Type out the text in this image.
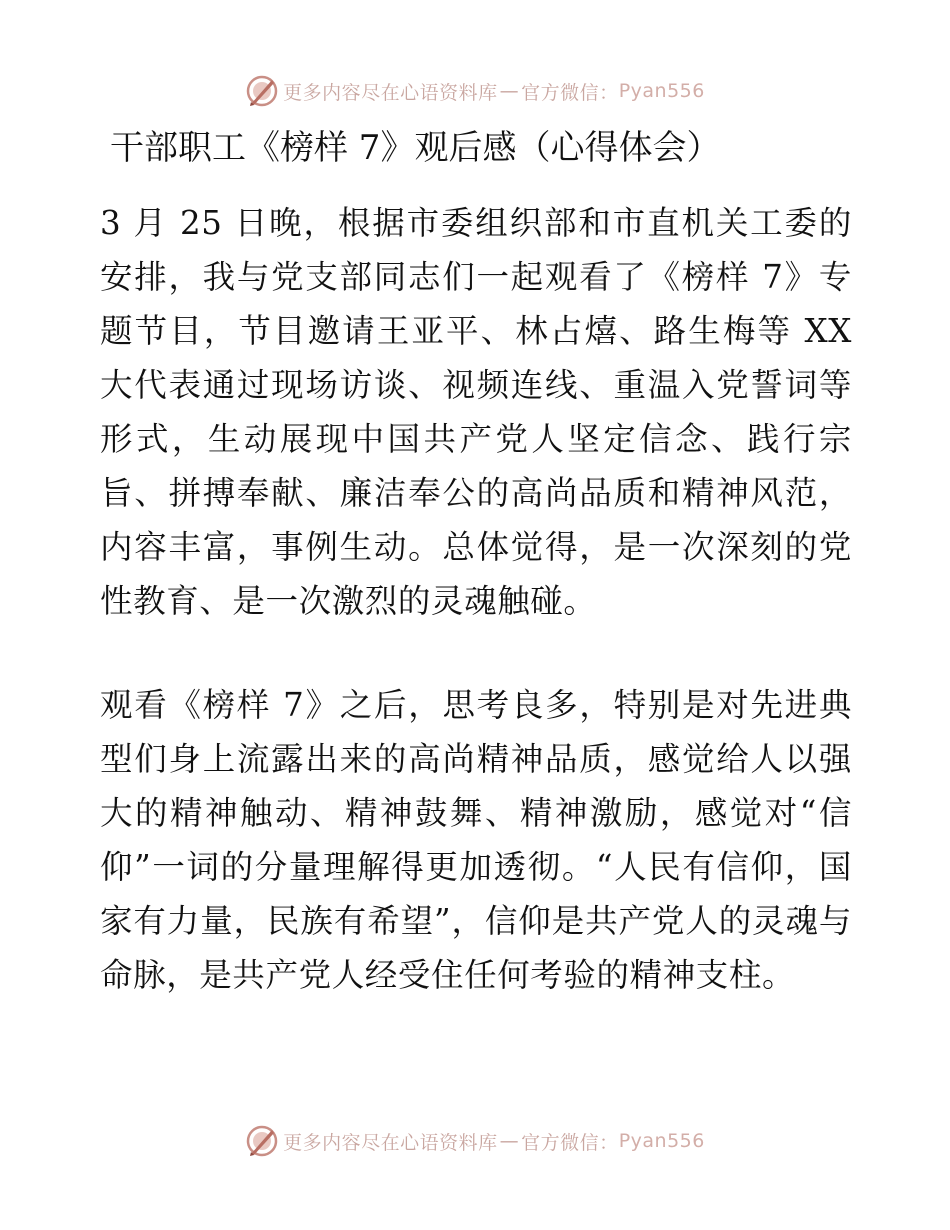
更多内容尽在心语资料库 — 官方微信： Pyan556
干部职工《榜样 7》观后感（心得体会）

3 月 25 日晚，根据市委组织部和市直机关工委的安排，我与党支部同志们一起观看了《榜样 7》专题节目，节目邀请王亚平、林占熺、路生梅等 XX 大代表通过现场访谈、视频连线、重温入党誓词等形式，生动展现中国共产党人坚定信念、践行宗旨、拼搏奉献、廉洁奉公的高尚品质和精神风范，内容丰富，事例生动。总体觉得，是一次深刻的党性教育、是一次激烈的灵魂触碰。

观看《榜样 7》之后，思考良多，特别是对先进典型们身上流露出来的高尚精神品质，感觉给人以强大的精神触动、精神鼓舞、精神激励，感觉对“信仰”一词的分量理解得更加透彻。“人民有信仰，国家有力量，民族有希望”，信仰是共产党人的灵魂与命脉，是共产党人经受住任何考验的精神支柱。

更多内容尽在心语资料库 — 官方微信： Pyan556
